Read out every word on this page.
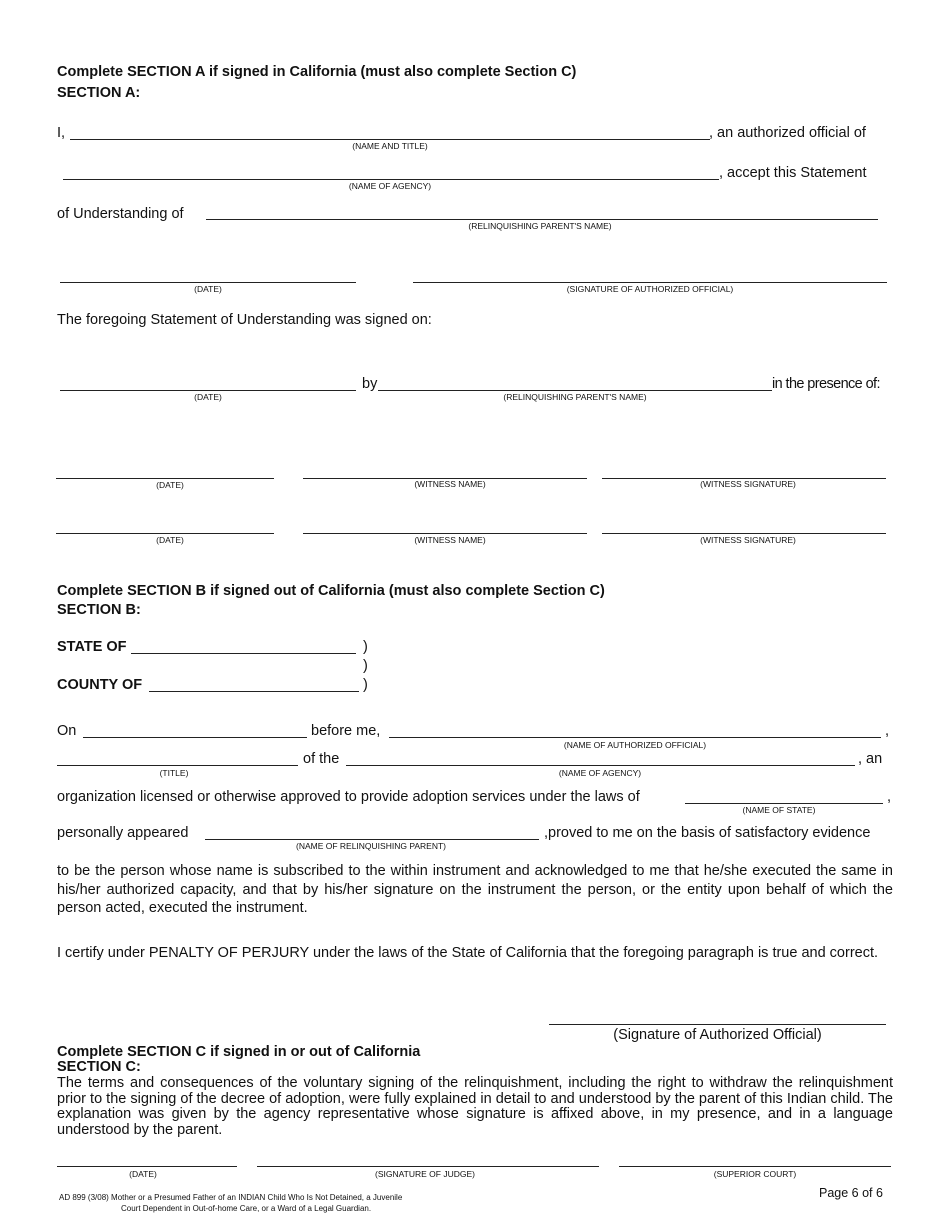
Complete SECTION A if signed in California (must also complete Section C)
SECTION A:
I,	, an authorized official of
(NAME AND TITLE)
, accept this Statement
(NAME OF AGENCY)
of Understanding of
(RELINQUISHING PARENT'S NAME)
(DATE)	(SIGNATURE OF AUTHORIZED OFFICIAL)
The foregoing Statement of Understanding was signed on:
by	in the presence of:
(DATE)	(RELINQUISHING PARENT'S NAME)
(DATE)	(WITNESS NAME)	(WITNESS SIGNATURE)
(DATE)	(WITNESS NAME)	(WITNESS SIGNATURE)
Complete SECTION B if signed out of California (must also complete Section C)
SECTION B:
STATE OF	)
)
COUNTY OF	)
On	before me,	,
(NAME OF AUTHORIZED OFFICIAL)
of the	, an
(TITLE)	(NAME OF AGENCY)
organization licensed or otherwise approved to provide adoption services under the laws of	,
(NAME OF STATE)
personally appeared	,proved to me on the basis of satisfactory evidence
(NAME OF RELINQUISHING PARENT)
to be the person whose name is subscribed to the within instrument and acknowledged to me that he/she executed the same in his/her authorized capacity, and that by his/her signature on the instrument the person, or the entity upon behalf of which the person acted, executed the instrument.
I certify under PENALTY OF PERJURY under the laws of the State of California that the foregoing paragraph is true and correct.
(Signature of Authorized Official)
Complete SECTION C if signed in or out of California
SECTION C:
The terms and consequences of the voluntary signing of the relinquishment, including the right to withdraw the relinquishment prior to the signing of the decree of adoption, were fully explained in detail to and understood by the parent of this Indian child. The explanation was given by the agency representative whose signature is affixed above, in my presence, and in a language understood by the parent.
(DATE)	(SIGNATURE OF JUDGE)	(SUPERIOR COURT)
AD 899 (3/08) Mother or a Presumed Father of an INDIAN Child Who Is Not Detained, a Juvenile
Court Dependent in Out-of-home Care, or a Ward of a Legal Guardian.
Page 6 of 6
